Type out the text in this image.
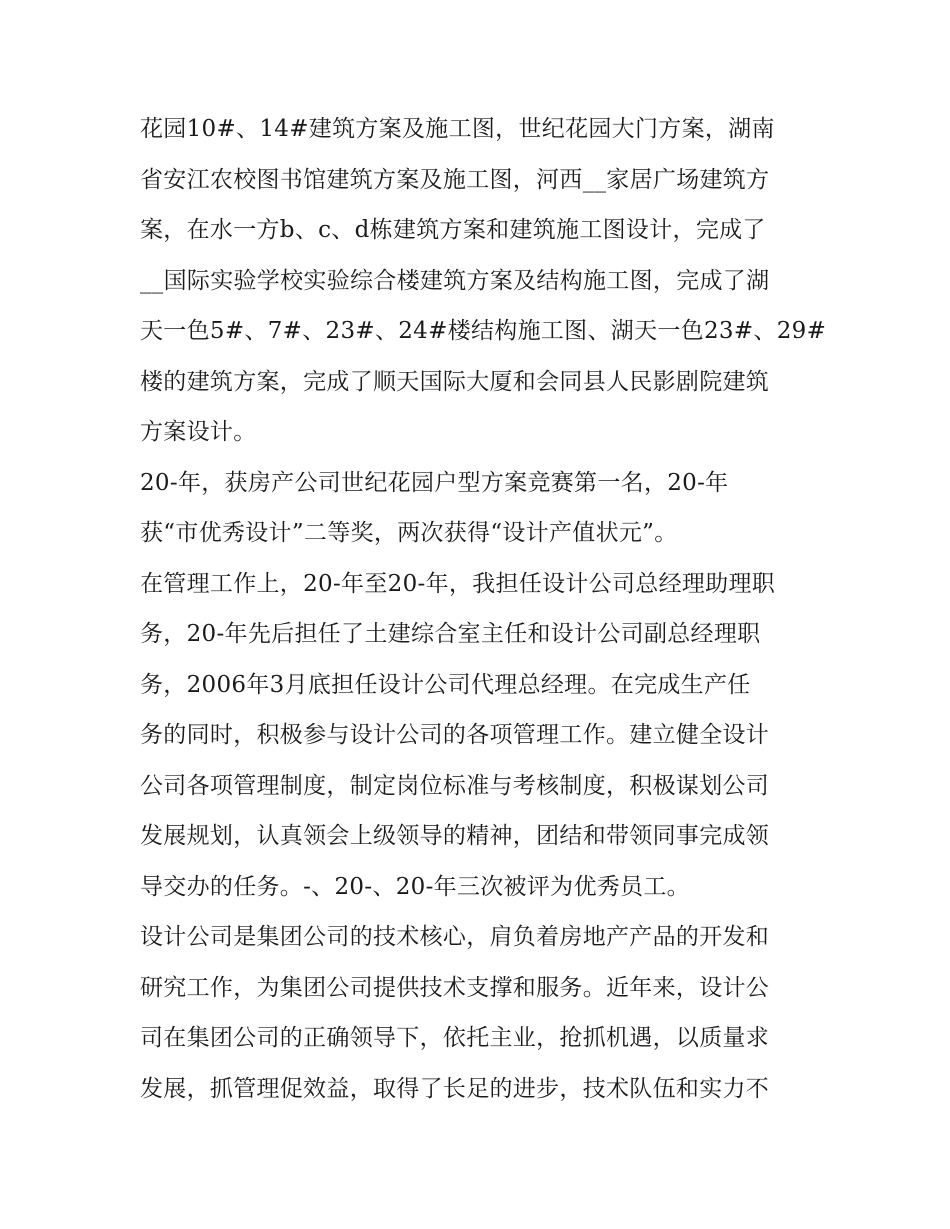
花园10#、14#建筑方案及施工图，世纪花园大门方案，湖南
省安江农校图书馆建筑方案及施工图，河西__家居广场建筑方
案，在水一方b、c、d栋建筑方案和建筑施工图设计，完成了
__国际实验学校实验综合楼建筑方案及结构施工图，完成了湖
天一色5#、7#、23#、24#楼结构施工图、湖天一色23#、29#
楼的建筑方案，完成了顺天国际大厦和会同县人民影剧院建筑
方案设计。
20-年，获房产公司世纪花园户型方案竞赛第一名，20-年
获“市优秀设计”二等奖，两次获得“设计产值状元”。
在管理工作上，20-年至20-年，我担任设计公司总经理助理职
务，20-年先后担任了土建综合室主任和设计公司副总经理职
务，2006年3月底担任设计公司代理总经理。在完成生产任
务的同时，积极参与设计公司的各项管理工作。建立健全设计
公司各项管理制度，制定岗位标准与考核制度，积极谋划公司
发展规划，认真领会上级领导的精神，团结和带领同事完成领
导交办的任务。-、20-、20-年三次被评为优秀员工。
设计公司是集团公司的技术核心，肩负着房地产产品的开发和
研究工作，为集团公司提供技术支撑和服务。近年来，设计公
司在集团公司的正确领导下，依托主业，抢抓机遇，以质量求
发展，抓管理促效益，取得了长足的进步，技术队伍和实力不
